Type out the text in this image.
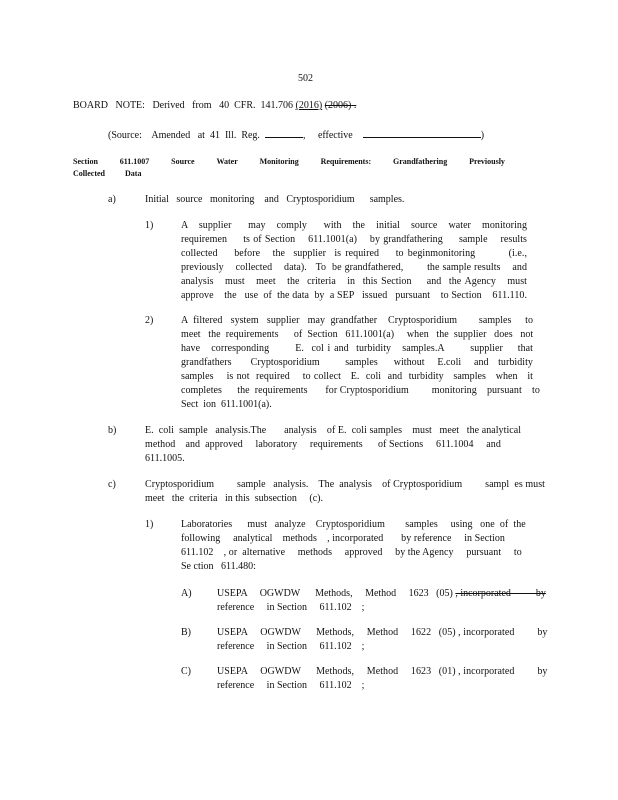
502
BOARD   NOTE:   Derived   from   40  CFR.  141.706 (2016) (2006) .
(Source: Amended   at  41  Ill.  Reg.	, effective	)
Section	611.1007	Source	Water	Monitoring	Requirements:	Grandfathering	Previously
Collected	Data
a)	Initial   source   monitoring    and   Cryptosporidium      samples.
1)	A  supplier   may  comply   with  the  initial  source  water  monitoring
requiremen     ts of Section    611.1001(a)    by grandfathering     sample    results
collected    before   the  supplier  is required    to beginmonitoring        (i.e.,
previously    collected    data).   To  be grandfathered,        the sample results    and
analysis   must   meet   the  criteria   in  this Section    and  the Agency   must
approve    the   use  of  the data  by  a SEP   issued   pursuant    to Section    611.110.
2)	A  filtered   system   supplier   may  grandfather    Cryptosporidium        samples     to
meet   the  requirements      of  Section   611.1001(a)     when   the  supplier   does   not
have   corresponding       E.  col i and  turbidity   samples.A       supplier    that
grandfathers      Cryptosporidium        samples     without    E.coli    and   turbidity
samples    is not  required    to collect   E.  coli  and  turbidity   samples   when   it
completes      the  requirements       for Cryptosporidium         monitoring    pursuant    to
Sect  ion  611.1001(a).
b)	E.  coli  sample   analysis.The       analysis    of E.  coli samples    must   meet   the analytical
method    and  approved     laboratory     requirements      of Sections     611.1004     and
611.1005.
c)	Cryptosporidium         sample   analysis.    The  analysis    of Cryptosporidium         sampl  es must
meet   the  criteria   in this  subsection     (c).
1)	Laboratories      must   analyze    Cryptosporidium        samples     using   one  of  the
following     analytical    methods    , incorporated       by reference     in Section
611.102    , or  alternative     methods     approved     by the Agency     pursuant     to
Se ction   611.480:
A)	USEPA     OGWDW      Methods,     Method     1623   (05) , incorporated          by
reference     in Section     611.102    ;
B)	USEPA     OGWDW      Methods,     Method     1622   (05) , incorporated         by
reference     in Section     611.102    ;
C)	USEPA     OGWDW      Methods,     Method     1623   (01) , incorporated         by
reference     in Section     611.102    ;
